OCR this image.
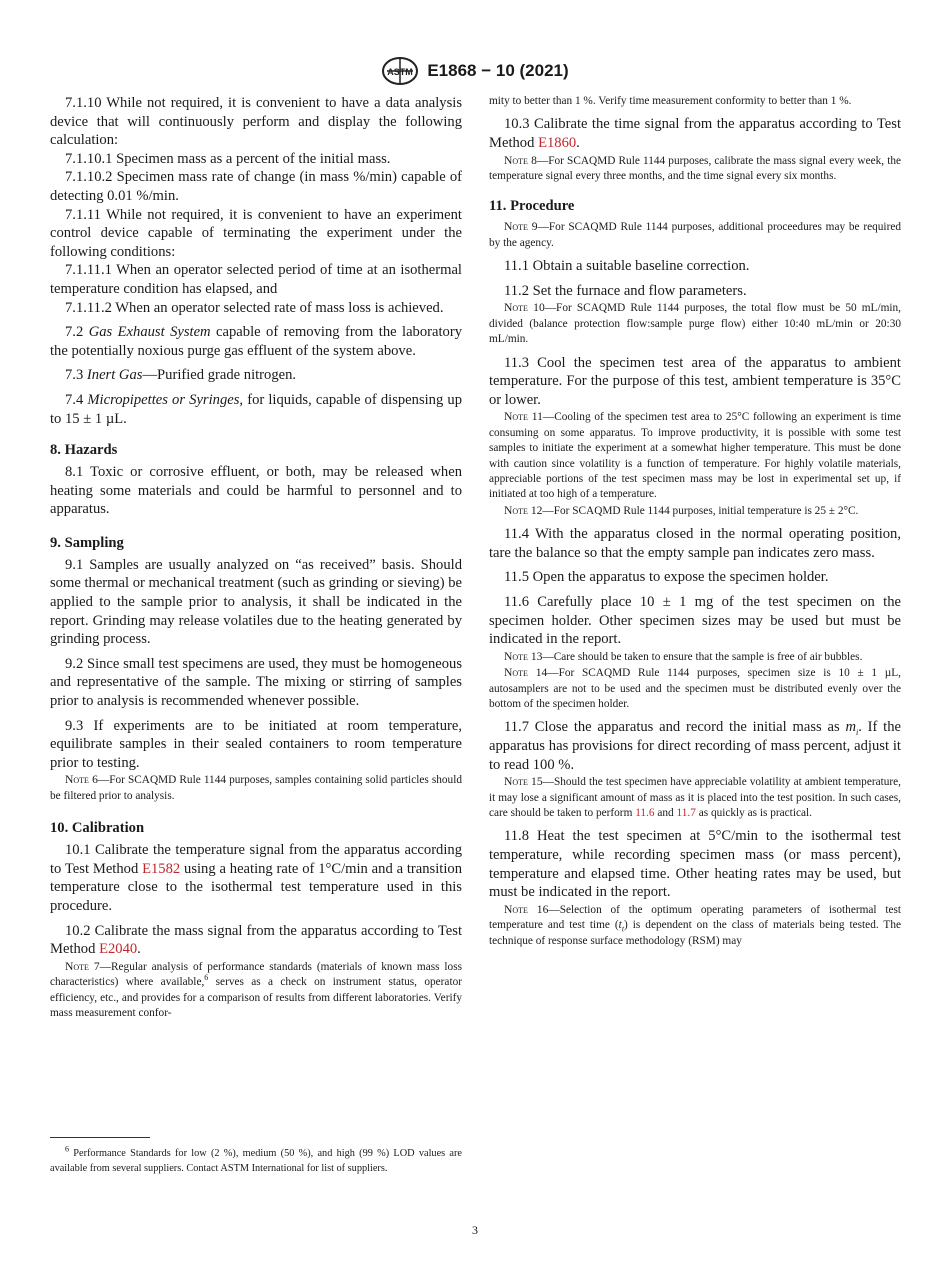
ASTM E1868 − 10 (2021)

7.1.10 While not required, it is convenient to have a data analysis device that will continuously perform and display the following calculation:

7.1.10.1 Specimen mass as a percent of the initial mass.

7.1.10.2 Specimen mass rate of change (in mass %/min) capable of detecting 0.01 %/min.

7.1.11 While not required, it is convenient to have an experiment control device capable of terminating the experiment under the following conditions:

7.1.11.1 When an operator selected period of time at an isothermal temperature condition has elapsed, and

7.1.11.2 When an operator selected rate of mass loss is achieved.

7.2 Gas Exhaust System capable of removing from the laboratory the potentially noxious purge gas effluent of the system above.

7.3 Inert Gas—Purified grade nitrogen.

7.4 Micropipettes or Syringes, for liquids, capable of dispensing up to 15 ± 1 µL.

8. Hazards

8.1 Toxic or corrosive effluent, or both, may be released when heating some materials and could be harmful to personnel and to apparatus.

9. Sampling

9.1 Samples are usually analyzed on “as received” basis. Should some thermal or mechanical treatment (such as grinding or sieving) be applied to the sample prior to analysis, it shall be indicated in the report. Grinding may release volatiles due to the heating generated by grinding process.

9.2 Since small test specimens are used, they must be homogeneous and representative of the sample. The mixing or stirring of samples prior to analysis is recommended whenever possible.

9.3 If experiments are to be initiated at room temperature, equilibrate samples in their sealed containers to room temperature prior to testing.

Note 6—For SCAQMD Rule 1144 purposes, samples containing solid particles should be filtered prior to analysis.

10. Calibration

10.1 Calibrate the temperature signal from the apparatus according to Test Method E1582 using a heating rate of 1°C/min and a transition temperature close to the isothermal test temperature used in this procedure.

10.2 Calibrate the mass signal from the apparatus according to Test Method E2040.

Note 7—Regular analysis of performance standards (materials of known mass loss characteristics) where available,$^6$ serves as a check on instrument status, operator efficiency, etc., and provides for a comparison of results from different laboratories. Verify mass measurement confor-

mity to better than 1 %. Verify time measurement conformity to better than 1 %.

10.3 Calibrate the time signal from the apparatus according to Test Method E1860.

Note 8—For SCAQMD Rule 1144 purposes, calibrate the mass signal every week, the temperature signal every three months, and the time signal every six months.

11. Procedure

Note 9—For SCAQMD Rule 1144 purposes, additional proceedures may be required by the agency.

11.1 Obtain a suitable baseline correction.

11.2 Set the furnace and flow parameters.

Note 10—For SCAQMD Rule 1144 purposes, the total flow must be 50 mL/min, divided (balance protection flow:sample purge flow) either 10:40 mL/min or 20:30 mL/min.

11.3 Cool the specimen test area of the apparatus to ambient temperature. For the purpose of this test, ambient temperature is 35°C or lower.

Note 11—Cooling of the specimen test area to 25°C following an experiment is time consuming on some apparatus. To improve productivity, it is possible with some test samples to initiate the experiment at a somewhat higher temperature. This must be done with caution since volatility is a function of temperature. For highly volatile materials, appreciable portions of the test specimen mass may be lost in experimental set up, if initiated at too high of a temperature.

Note 12—For SCAQMD Rule 1144 purposes, initial temperature is 25 ± 2°C.

11.4 With the apparatus closed in the normal operating position, tare the balance so that the empty sample pan indicates zero mass.

11.5 Open the apparatus to expose the specimen holder.

11.6 Carefully place 10 ± 1 mg of the test specimen on the specimen holder. Other specimen sizes may be used but must be indicated in the report.

Note 13—Care should be taken to ensure that the sample is free of air bubbles.

Note 14—For SCAQMD Rule 1144 purposes, specimen size is 10 ± 1 µL, autosamplers are not to be used and the specimen must be distributed evenly over the bottom of the specimen holder.

11.7 Close the apparatus and record the initial mass as $m_i$. If the apparatus has provisions for direct recording of mass percent, adjust it to read 100 %.

Note 15—Should the test specimen have appreciable volatility at ambient temperature, it may lose a significant amount of mass as it is placed into the test position. In such cases, care should be taken to perform 11.6 and 11.7 as quickly as is practical.

11.8 Heat the test specimen at 5°C/min to the isothermal test temperature, while recording specimen mass (or mass percent), temperature and elapsed time. Other heating rates may be used, but must be indicated in the report.

Note 16—Selection of the optimum operating parameters of isothermal test temperature and test time $(t_t)$ is dependent on the class of materials being tested. The technique of response surface methodology (RSM) may

$^6$ Performance Standards for low (2 %), medium (50 %), and high (99 %) LOD values are available from several suppliers. Contact ASTM International for list of suppliers.
3
